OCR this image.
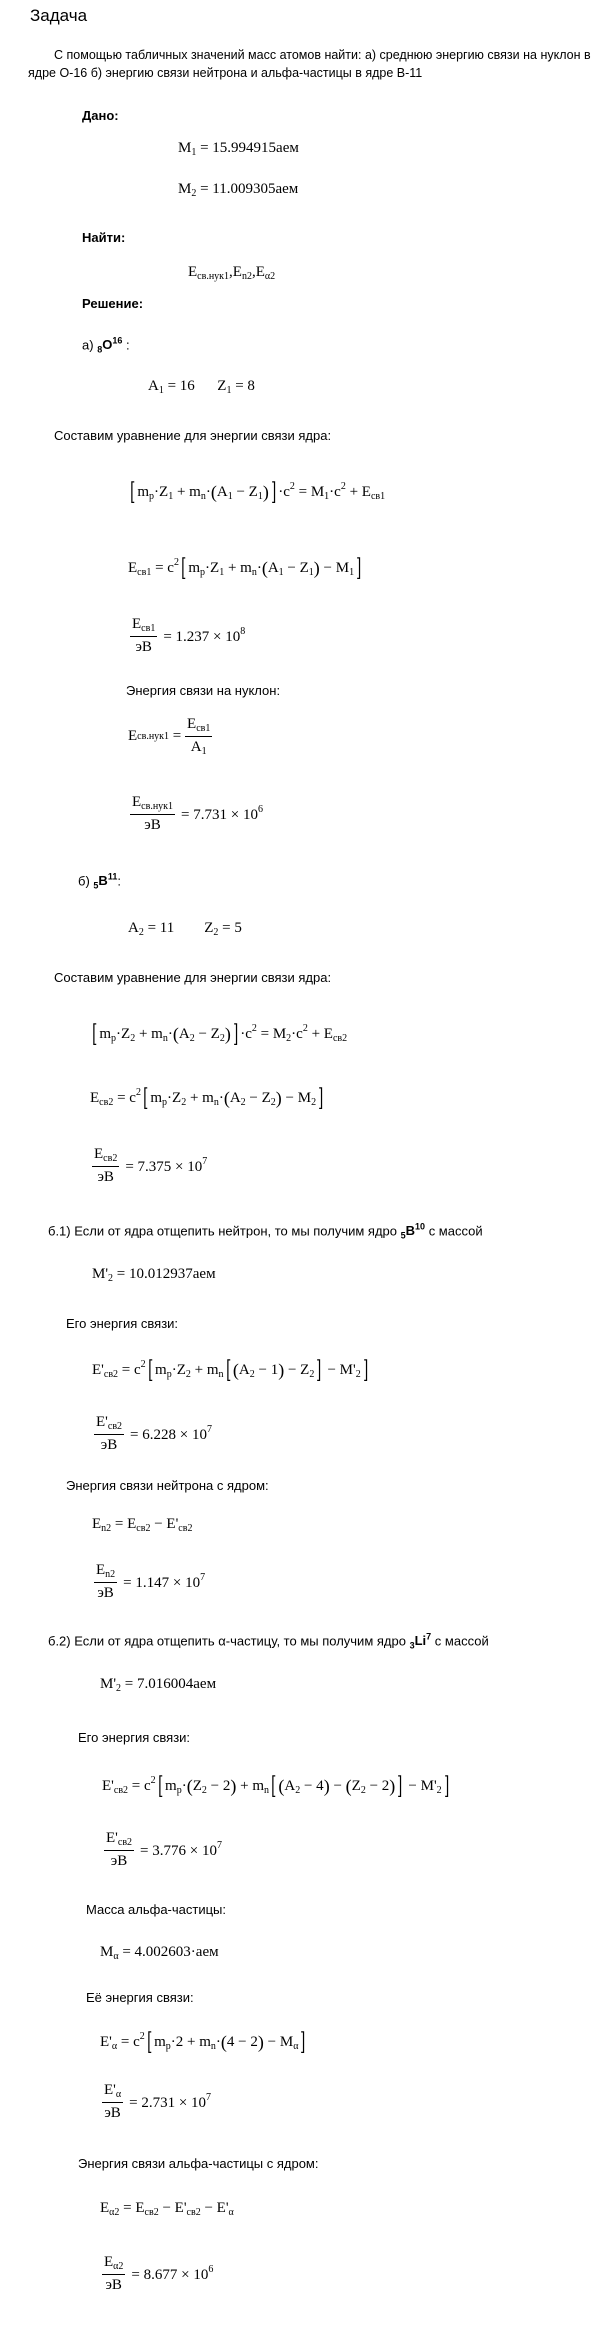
Задача
С помощью табличных значений масс атомов найти: а) среднюю энергию связи на нуклон в ядре О-16 б) энергию связи нейтрона и альфа-частицы в ядре В-11
Дано:
$M_1 = 15.994915аем$
$M_2 = 11.009305аем$
Найти:
$E_{св.нук1},E_{n2},E_{\alpha 2}$
Решение:
а) $_8O^{16}$ :
$A_1 = 16$      $Z_1 = 8$
Составим уравнение для энергии связи ядра:
[ $m_p\cdot Z_1 + m_n\cdot(A_1 - Z_1)] \cdot c^2 = M_1\cdot c^2 + E_{св1}$
$E_{св1} = c^2$[ $m_p\cdot Z_1 + m_n\cdot(A_1 - Z_1) - M_1$]
$\frac{E_{св1}}{эВ} = 1.237 \times 10^8$
Энергия связи на нуклон:
E $св.нук1 = \frac{E_{св1}}{A_1}$
$\frac{E_{св.нук1}}{эВ} = 7.731 \times 10^6$
б) $_5B^{11}$:
$A_2 = 11$        $Z_2 = 5$
Составим уравнение для энергии связи ядра:
[ $m_p\cdot Z_2 + m_n\cdot(A_2 - Z_2)] \cdot c^2 = M_2\cdot c^2 + E_{св2}$
$E_{св2} = c^2$[ $m_p\cdot Z_2 + m_n\cdot(A_2 - Z_2) - M_2$]
$\frac{E_{св2}}{эВ} = 7.375 \times 10^7$
б.1) Если от ядра отщепить нейтрон, то мы получим ядро $_5B^{10}$ с массой
$M'_2 = 10.012937аем$
Его энергия связи:
$E'_{св2} = c^2$[ $m_p\cdot Z_2 + m_n$[ $(A_2 - 1) - Z_2] - M'_2$]
$\frac{E'_{св2}}{эВ} = 6.228 \times 10^7$
Энергия связи нейтрона с ядром:
$E_{n2} = E_{св2} - E'_{св2}$
$\frac{E_{n2}}{эВ} = 1.147 \times 10^7$
б.2) Если от ядра отщепить α-частицу, то мы получим ядро $_3Li^7$ с массой
$M'_2 = 7.016004аем$
Его энергия связи:
$E'_{св2} = c^2$[ $m_p\cdot(Z_2 - 2) + m_n$[ $(A_2 - 4) - (Z_2 - 2)] - M'_2$]
$\frac{E'_{св2}}{эВ} = 3.776 \times 10^7$
Масса альфа-частицы:
$M_\alpha = 4.002603\cdot аем$
Её энергия связи:
$E'_\alpha = c^2$[ $m_p\cdot 2 + m_n\cdot(4 - 2) - M_\alpha$]
$\frac{E'_\alpha}{эВ} = 2.731 \times 10^7$
Энергия связи альфа-частицы с ядром:
$E_{\alpha 2} = E_{св2} - E'_{св2} - E'_\alpha$
$\frac{E_{\alpha 2}}{эВ} = 8.677 \times 10^6$
